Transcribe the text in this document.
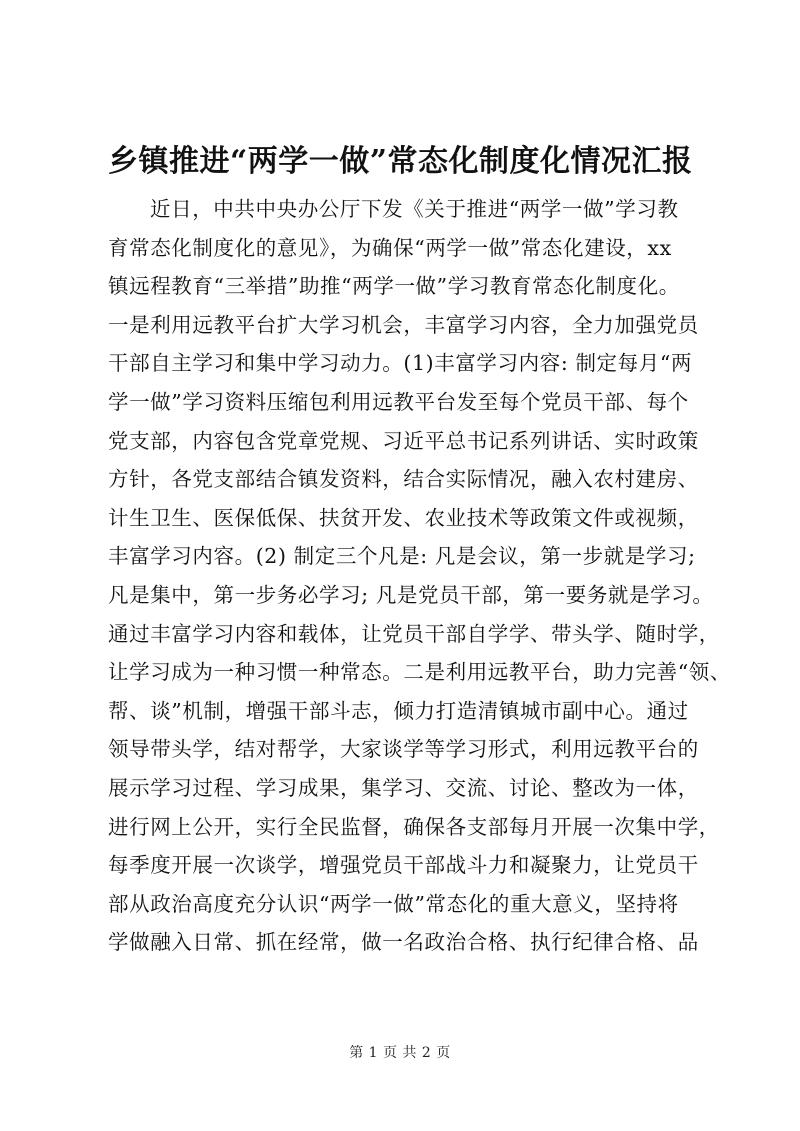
乡镇推进“两学一做”常态化制度化情况汇报
近日，中共中央办公厅下发《关于推进“两学一做”学习教
育常态化制度化的意见》，为确保“两学一做”常态化建设，xx
镇远程教育“三举措”助推“两学一做”学习教育常态化制度化。
一是利用远教平台扩大学习机会，丰富学习内容，全力加强党员
干部自主学习和集中学习动力。(1)丰富学习内容: 制定每月“两
学一做”学习资料压缩包利用远教平台发至每个党员干部、每个
党支部，内容包含党章党规、习近平总书记系列讲话、实时政策
方针，各党支部结合镇发资料，结合实际情况，融入农村建房、
计生卫生、医保低保、扶贫开发、农业技术等政策文件或视频，
丰富学习内容。(2) 制定三个凡是: 凡是会议，第一步就是学习;
凡是集中，第一步务必学习; 凡是党员干部，第一要务就是学习。
通过丰富学习内容和载体，让党员干部自学学、带头学、随时学，
让学习成为一种习惯一种常态。二是利用远教平台，助力完善“领、
帮、谈”机制，增强干部斗志，倾力打造清镇城市副中心。通过
领导带头学，结对帮学，大家谈学等学习形式，利用远教平台的
展示学习过程、学习成果，集学习、交流、讨论、整改为一体，
进行网上公开，实行全民监督，确保各支部每月开展一次集中学，
每季度开展一次谈学，增强党员干部战斗力和凝聚力，让党员干
部从政治高度充分认识“两学一做”常态化的重大意义，坚持将
学做融入日常、抓在经常，做一名政治合格、执行纪律合格、品
第 1 页 共 2 页
